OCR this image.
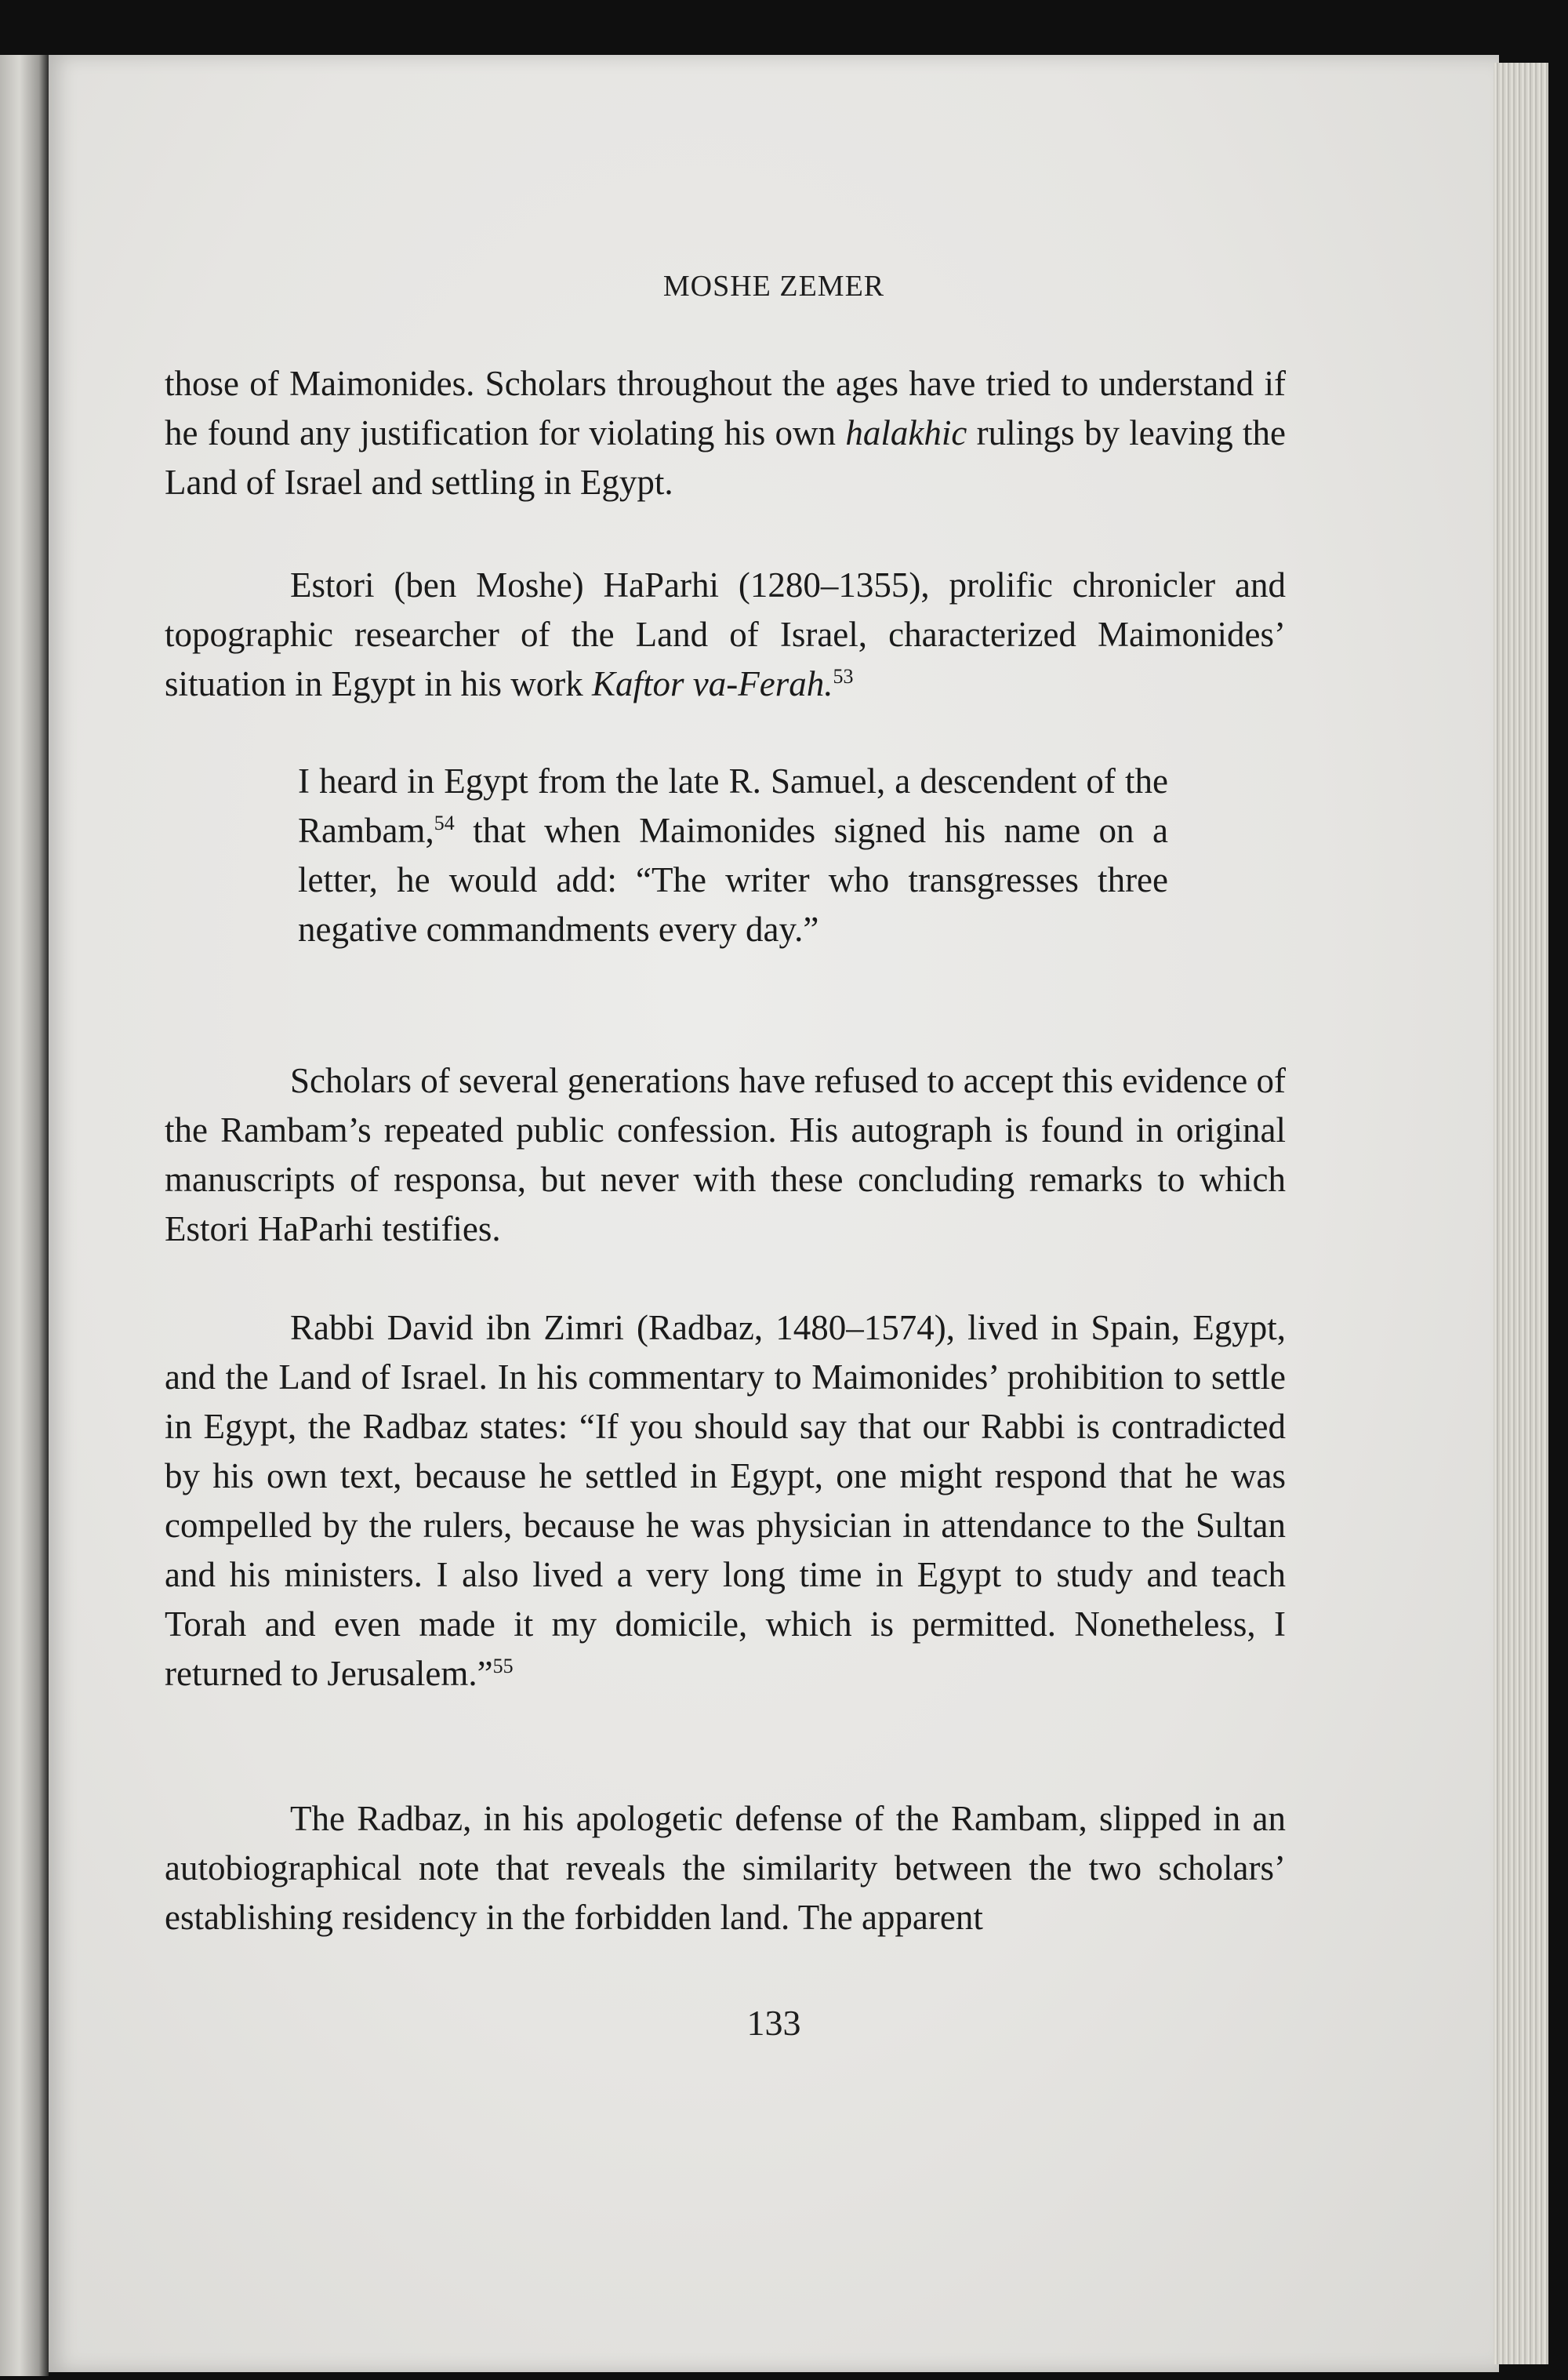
MOSHE ZEMER
those of Maimonides. Scholars throughout the ages have tried to understand if he found any justification for violating his own halakhic rulings by leaving the Land of Israel and settling in Egypt.
Estori (ben Moshe) HaParhi (1280–1355), prolific chronicler and topographic researcher of the Land of Israel, characterized Maimonides’ situation in Egypt in his work Kaftor va-Ferah.$^{53}$
I heard in Egypt from the late R. Samuel, a descendent of the Rambam,$^{54}$ that when Maimonides signed his name on a letter, he would add: “The writer who transgresses three negative commandments every day.”
Scholars of several generations have refused to accept this evidence of the Rambam’s repeated public confession. His autograph is found in original manuscripts of responsa, but never with these concluding remarks to which Estori HaParhi testifies.
Rabbi David ibn Zimri (Radbaz, 1480–1574), lived in Spain, Egypt, and the Land of Israel. In his commentary to Maimonides’ prohibition to settle in Egypt, the Radbaz states: “If you should say that our Rabbi is contradicted by his own text, because he settled in Egypt, one might respond that he was compelled by the rulers, because he was physician in attendance to the Sultan and his ministers. I also lived a very long time in Egypt to study and teach Torah and even made it my domicile, which is permitted. Nonetheless, I returned to Jerusalem.”$^{55}$
The Radbaz, in his apologetic defense of the Rambam, slipped in an autobiographical note that reveals the similarity between the two scholars’ establishing residency in the forbidden land. The apparent
133
